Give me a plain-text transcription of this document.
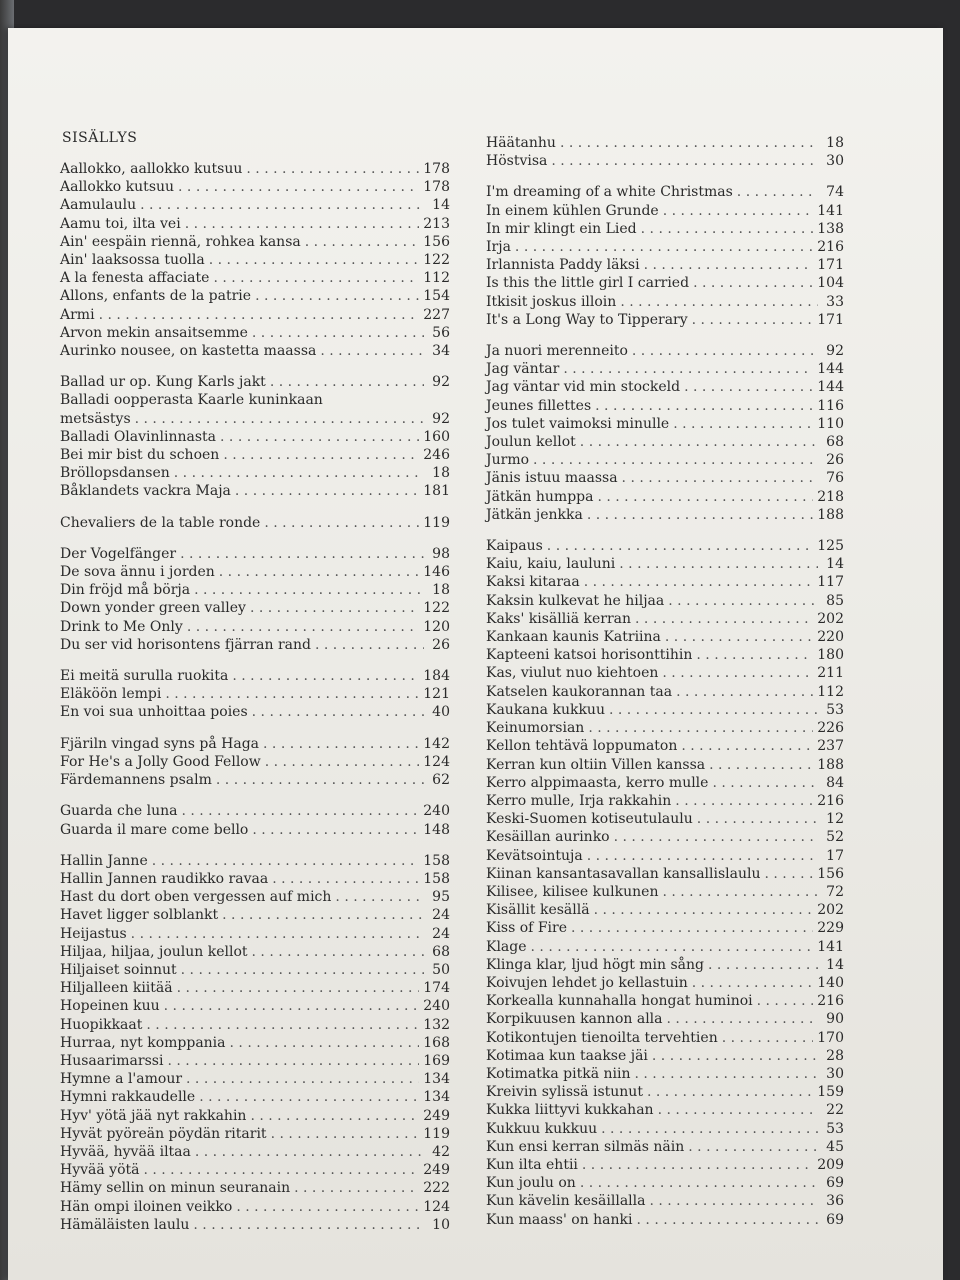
SISÄLLYS
Aallokko, aallokko kutsuu . . .	178
Aallokko kutsuu . . .	178
Aamulaulu . . .	14
Aamu toi, ilta vei . . .	213
Ain' eespäin riennä, rohkea kansa . . .	156
Ain' laaksossa tuolla . . .	122
A la fenesta affaciate . . .	112
Allons, enfants de la patrie . . .	154
Armi . . .	227
Arvon mekin ansaitsemme . . .	56
Aurinko nousee, on kastetta maassa . . .	34
Ballad ur op. Kung Karls jakt . . .	92
Balladi oopperasta Kaarle kuninkaan
metsästys . . .	92
Balladi Olavinlinnasta . . .	160
Bei mir bist du schoen . . .	246
Bröllopsdansen . . .	18
Båklandets vackra Maja . . .	181
Chevaliers de la table ronde . . .	119
Der Vogelfänger . . .	98
De sova ännu i jorden . . .	146
Din fröjd må börja . . .	18
Down yonder green valley . . .	122
Drink to Me Only . . .	120
Du ser vid horisontens fjärran rand . . .	26
Ei meitä surulla ruokita . . .	184
Eläköön lempi . . .	121
En voi sua unhoittaa poies . . .	40
Fjäriln vingad syns på Haga . . .	142
For He's a Jolly Good Fellow . . .	124
Färdemannens psalm . . .	62
Guarda che luna . . .	240
Guarda il mare come bello . . .	148
Hallin Janne . . .	158
Hallin Jannen raudikko ravaa . . .	158
Hast du dort oben vergessen auf mich . . .	95
Havet ligger solblankt . . .	24
Heijastus . . .	24
Hiljaa, hiljaa, joulun kellot . . .	68
Hiljaiset soinnut . . .	50
Hiljalleen kiitää . . .	174
Hopeinen kuu . . .	240
Huopikkaat . . .	132
Hurraa, nyt komppania . . .	168
Husaarimarssi . . .	169
Hymne a l'amour . . .	134
Hymni rakkaudelle . . .	134
Hyv' yötä jää nyt rakkahin . . .	249
Hyvät pyöreän pöydän ritarit . . .	119
Hyvää, hyvää iltaa . . .	42
Hyvää yötä . . .	249
Hämy sellin on minun seuranain . . .	222
Hän ompi iloinen veikko . . .	124
Hämäläisten laulu . . .	10
Häätanhu . . .	18
Höstvisa . . .	30
I'm dreaming of a white Christmas . . .	74
In einem kühlen Grunde . . .	141
In mir klingt ein Lied . . .	138
Irja . . .	216
Irlannista Paddy läksi . . .	171
Is this the little girl I carried . . .	104
Itkisit joskus illoin . . .	33
It's a Long Way to Tipperary . . .	171
Ja nuori merenneito . . .	92
Jag väntar . . .	144
Jag väntar vid min stockeld . . .	144
Jeunes fillettes . . .	116
Jos tulet vaimoksi minulle . . .	110
Joulun kellot . . .	68
Jurmo . . .	26
Jänis istuu maassa . . .	76
Jätkän humppa . . .	218
Jätkän jenkka . . .	188
Kaipaus . . .	125
Kaiu, kaiu, lauluni . . .	14
Kaksi kitaraa . . .	117
Kaksin kulkevat he hiljaa . . .	85
Kaks' kisälliä kerran . . .	202
Kankaan kaunis Katriina . . .	220
Kapteeni katsoi horisonttihin . . .	180
Kas, viulut nuo kiehtoen . . .	211
Katselen kaukorannan taa . . .	112
Kaukana kukkuu . . .	53
Keinumorsian . . .	226
Kellon tehtävä loppumaton . . .	237
Kerran kun oltiin Villen kanssa . . .	188
Kerro alppimaasta, kerro mulle . . .	84
Kerro mulle, Irja rakkahin . . .	216
Keski-Suomen kotiseutulaulu . . .	12
Kesäillan aurinko . . .	52
Kevätsointuja . . .	17
Kiinan kansantasavallan kansallislaulu . . .	156
Kilisee, kilisee kulkunen . . .	72
Kisällit kesällä . . .	202
Kiss of Fire . . .	229
Klage . . .	141
Klinga klar, ljud högt min sång . . .	14
Koivujen lehdet jo kellastuin . . .	140
Korkealla kunnahalla hongat huminoi . . .	216
Korpikuusen kannon alla . . .	90
Kotikontujen tienoilta tervehtien . . .	170
Kotimaa kun taakse jäi . . .	28
Kotimatka pitkä niin . . .	30
Kreivin sylissä istunut . . .	159
Kukka liittyvi kukkahan . . .	22
Kukkuu kukkuu . . .	53
Kun ensi kerran silmäs näin . . .	45
Kun ilta ehtii . . .	209
Kun joulu on . . .	69
Kun kävelin kesäillalla . . .	36
Kun maass' on hanki . . .	69
